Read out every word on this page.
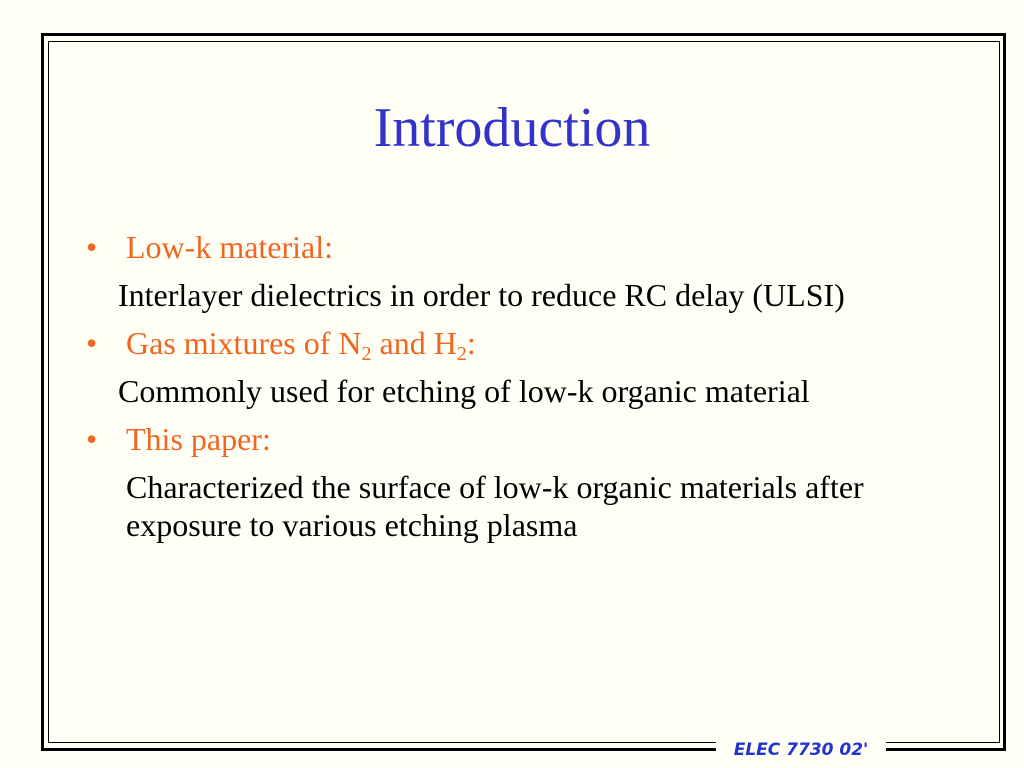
Introduction
• Low-k material:
Interlayer dielectrics in order to reduce RC delay (ULSI)
• Gas mixtures of $N_2$ and $H_2$:
Commonly used for etching of low-k organic material
• This paper:
Characterized the surface of low-k organic materials after exposure to various etching plasma
ELEC 7730 02'
